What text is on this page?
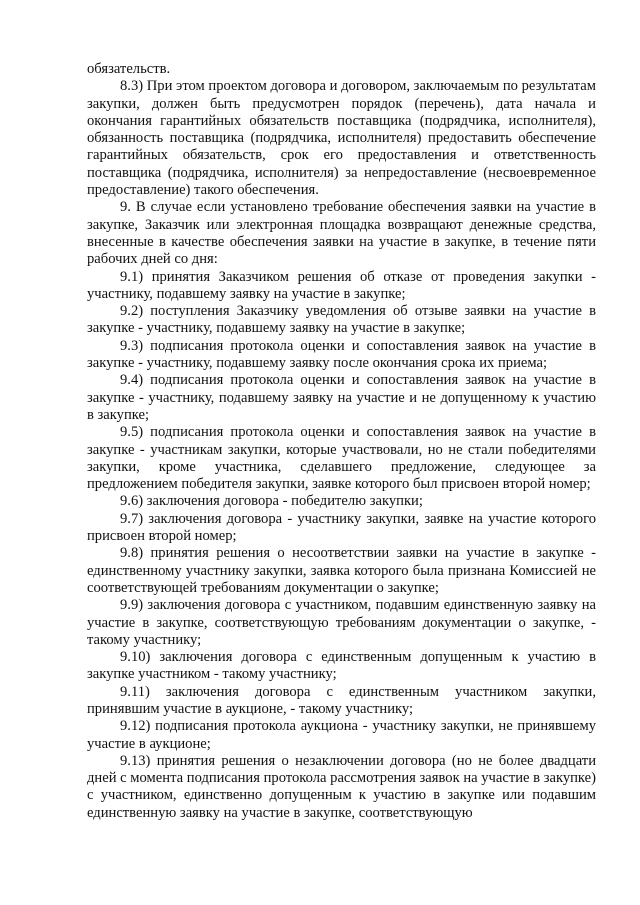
обязательств.

8.3) При этом проектом договора и договором, заключаемым по результатам закупки, должен быть предусмотрен порядок (перечень), дата начала и окончания гарантийных обязательств поставщика (подрядчика, исполнителя), обязанность поставщика (подрядчика, исполнителя) предоставить обеспечение гарантийных обязательств, срок его предоставления и ответственность поставщика (подрядчика, исполнителя) за непредоставление (несвоевременное предоставление) такого обеспечения.

9. В случае если установлено требование обеспечения заявки на участие в закупке, Заказчик или электронная площадка возвращают денежные средства, внесенные в качестве обеспечения заявки на участие в закупке, в течение пяти рабочих дней со дня:

9.1) принятия Заказчиком решения об отказе от проведения закупки - участнику, подавшему заявку на участие в закупке;

9.2) поступления Заказчику уведомления об отзыве заявки на участие в закупке - участнику, подавшему заявку на участие в закупке;

9.3) подписания протокола оценки и сопоставления заявок на участие в закупке - участнику, подавшему заявку после окончания срока их приема;

9.4) подписания протокола оценки и сопоставления заявок на участие в закупке - участнику, подавшему заявку на участие и не допущенному к участию в закупке;

9.5) подписания протокола оценки и сопоставления заявок на участие в закупке - участникам закупки, которые участвовали, но не стали победителями закупки, кроме участника, сделавшего предложение, следующее за предложением победителя закупки, заявке которого был присвоен второй номер;

9.6) заключения договора - победителю закупки;

9.7) заключения договора - участнику закупки, заявке на участие которого присвоен второй номер;

9.8) принятия решения о несоответствии заявки на участие в закупке - единственному участнику закупки, заявка которого была признана Комиссией не соответствующей требованиям документации о закупке;

9.9) заключения договора с участником, подавшим единственную заявку на участие в закупке, соответствующую требованиям документации о закупке, - такому участнику;

9.10) заключения договора с единственным допущенным к участию в закупке участником - такому участнику;

9.11) заключения договора с единственным участником закупки, принявшим участие в аукционе, - такому участнику;

9.12) подписания протокола аукциона - участнику закупки, не принявшему участие в аукционе;

9.13) принятия решения о незаключении договора (но не более двадцати дней с момента подписания протокола рассмотрения заявок на участие в закупке) с участником, единственно допущенным к участию в закупке или подавшим единственную заявку на участие в закупке, соответствующую
